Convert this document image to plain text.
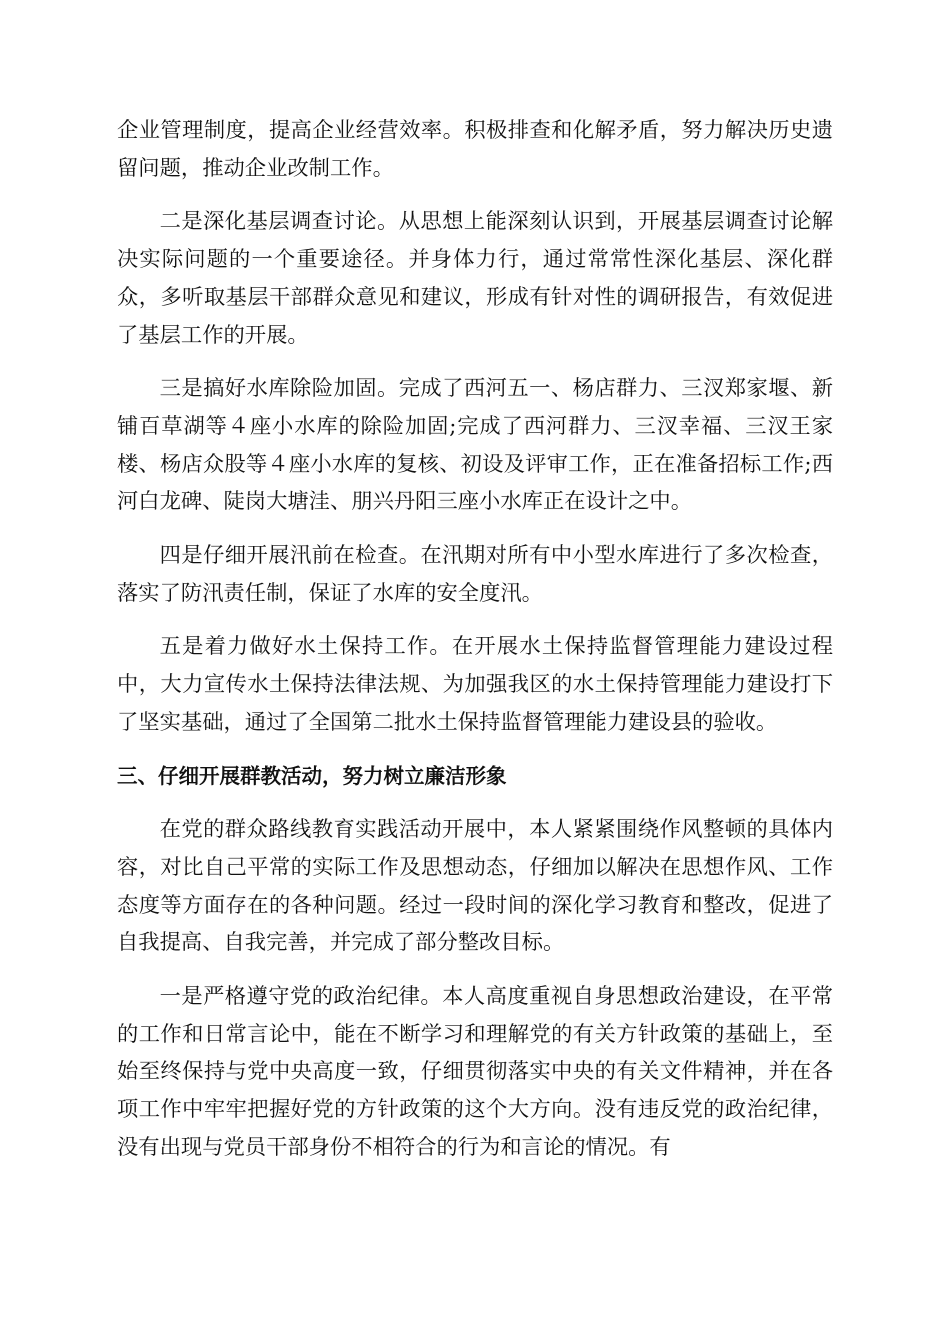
企业管理制度，提高企业经营效率。积极排查和化解矛盾，努力解决历史遗留问题，推动企业改制工作。

二是深化基层调查讨论。从思想上能深刻认识到，开展基层调查讨论解决实际问题的一个重要途径。并身体力行，通过常常性深化基层、深化群众，多听取基层干部群众意见和建议，形成有针对性的调研报告，有效促进了基层工作的开展。

三是搞好水库除险加固。完成了西河五一、杨店群力、三汊郑家堰、新铺百草湖等４座小水库的除险加固;完成了西河群力、三汊幸福、三汊王家楼、杨店众股等４座小水库的复核、初设及评审工作，正在准备招标工作;西河白龙碑、陡岗大塘洼、朋兴丹阳三座小水库正在设计之中。

四是仔细开展汛前在检查。在汛期对所有中小型水库进行了多次检查，落实了防汛责任制，保证了水库的安全度汛。

五是着力做好水土保持工作。在开展水土保持监督管理能力建设过程中，大力宣传水土保持法律法规、为加强我区的水土保持管理能力建设打下了坚实基础，通过了全国第二批水土保持监督管理能力建设县的验收。

三、仔细开展群教活动，努力树立廉洁形象

在党的群众路线教育实践活动开展中，本人紧紧围绕作风整顿的具体内容，对比自己平常的实际工作及思想动态，仔细加以解决在思想作风、工作态度等方面存在的各种问题。经过一段时间的深化学习教育和整改，促进了自我提高、自我完善，并完成了部分整改目标。

一是严格遵守党的政治纪律。本人高度重视自身思想政治建设，在平常的工作和日常言论中，能在不断学习和理解党的有关方针政策的基础上，至始至终保持与党中央高度一致，仔细贯彻落实中央的有关文件精神，并在各项工作中牢牢把握好党的方针政策的这个大方向。没有违反党的政治纪律，没有出现与党员干部身份不相符合的行为和言论的情况。有
